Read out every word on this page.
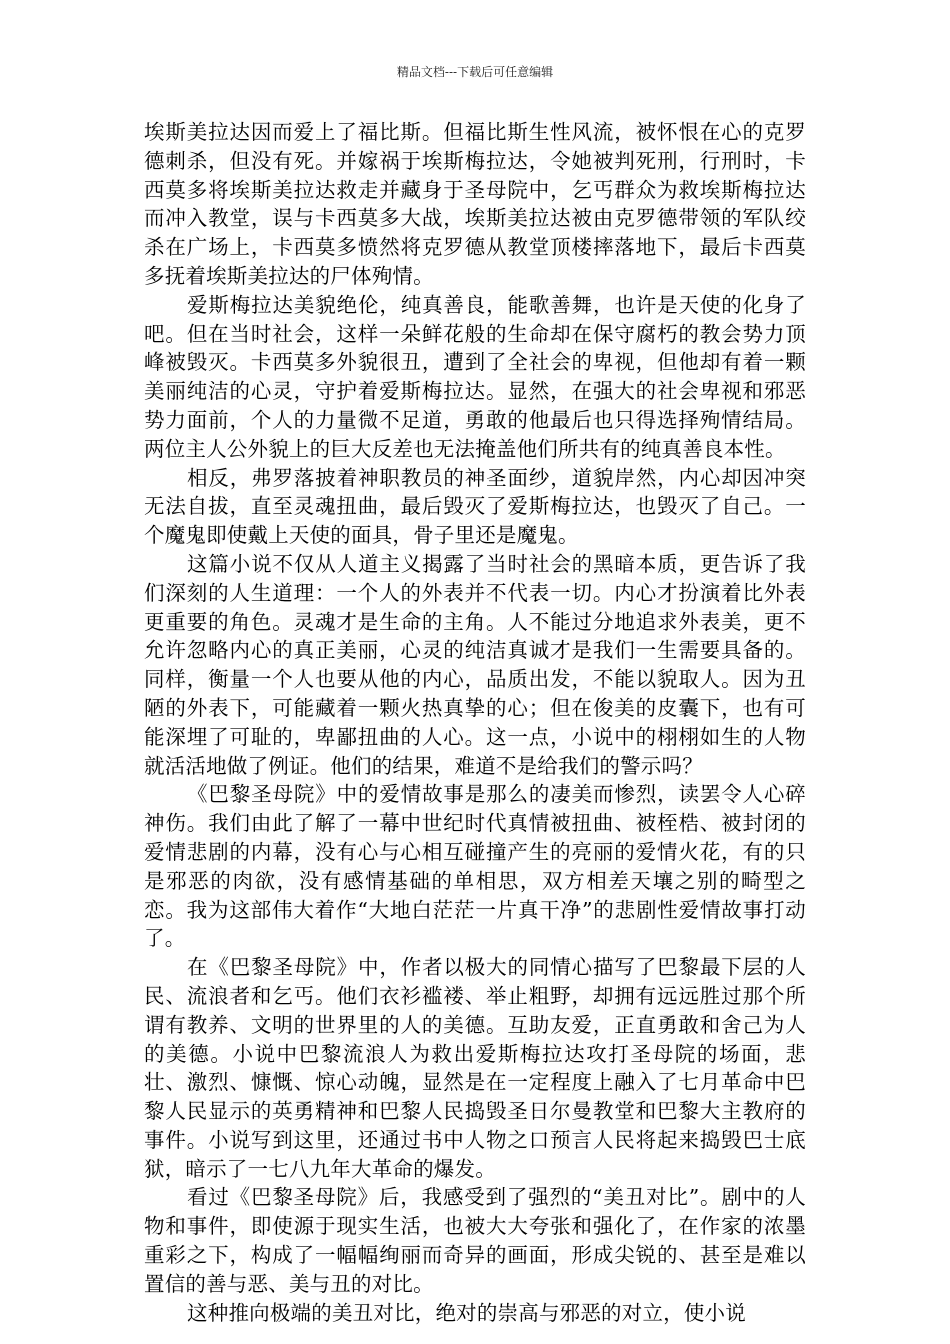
精品文档---下载后可任意编辑

埃斯美拉达因而爱上了福比斯。但福比斯生性风流，被怀恨在心的克罗德刺杀，但没有死。并嫁祸于埃斯梅拉达，令她被判死刑，行刑时，卡西莫多将埃斯美拉达救走并藏身于圣母院中，乞丐群众为救埃斯梅拉达而冲入教堂，误与卡西莫多大战，埃斯美拉达被由克罗德带领的军队绞杀在广场上，卡西莫多愤然将克罗德从教堂顶楼摔落地下，最后卡西莫多抚着埃斯美拉达的尸体殉情。

爱斯梅拉达美貌绝伦，纯真善良，能歌善舞，也许是天使的化身了吧。但在当时社会，这样一朵鲜花般的生命却在保守腐朽的教会势力顶峰被毁灭。卡西莫多外貌很丑，遭到了全社会的卑视，但他却有着一颗美丽纯洁的心灵，守护着爱斯梅拉达。显然，在强大的社会卑视和邪恶势力面前，个人的力量微不足道，勇敢的他最后也只得选择殉情结局。两位主人公外貌上的巨大反差也无法掩盖他们所共有的纯真善良本性。

相反，弗罗落披着神职教员的神圣面纱，道貌岸然，内心却因冲突无法自拔，直至灵魂扭曲，最后毁灭了爱斯梅拉达，也毁灭了自己。一个魔鬼即使戴上天使的面具，骨子里还是魔鬼。

这篇小说不仅从人道主义揭露了当时社会的黑暗本质，更告诉了我们深刻的人生道理：一个人的外表并不代表一切。内心才扮演着比外表更重要的角色。灵魂才是生命的主角。人不能过分地追求外表美，更不允许忽略内心的真正美丽，心灵的纯洁真诚才是我们一生需要具备的。同样，衡量一个人也要从他的内心，品质出发，不能以貌取人。因为丑陋的外表下，可能藏着一颗火热真挚的心；但在俊美的皮囊下，也有可能深埋了可耻的，卑鄙扭曲的人心。这一点，小说中的栩栩如生的人物就活活地做了例证。他们的结果，难道不是给我们的警示吗？

《巴黎圣母院》中的爱情故事是那么的凄美而惨烈，读罢令人心碎神伤。我们由此了解了一幕中世纪时代真情被扭曲、被桎梏、被封闭的爱情悲剧的内幕，没有心与心相互碰撞产生的亮丽的爱情火花，有的只是邪恶的肉欲，没有感情基础的单相思，双方相差天壤之别的畸型之恋。我为这部伟大着作“大地白茫茫一片真干净”的悲剧性爱情故事打动了。

在《巴黎圣母院》中，作者以极大的同情心描写了巴黎最下层的人民、流浪者和乞丐。他们衣衫褴褛、举止粗野，却拥有远远胜过那个所谓有教养、文明的世界里的人的美德。互助友爱，正直勇敢和舍己为人的美德。小说中巴黎流浪人为救出爱斯梅拉达攻打圣母院的场面，悲壮、激烈、慷慨、惊心动魄，显然是在一定程度上融入了七月革命中巴黎人民显示的英勇精神和巴黎人民捣毁圣日尔曼教堂和巴黎大主教府的事件。小说写到这里，还通过书中人物之口预言人民将起来捣毁巴士底狱，暗示了一七八九年大革命的爆发。

看过《巴黎圣母院》后，我感受到了强烈的“美丑对比”。剧中的人物和事件，即使源于现实生活，也被大大夸张和强化了，在作家的浓墨重彩之下，构成了一幅幅绚丽而奇异的画面，形成尖锐的、甚至是难以置信的善与恶、美与丑的对比。

这种推向极端的美丑对比，绝对的崇高与邪恶的对立，使小说
